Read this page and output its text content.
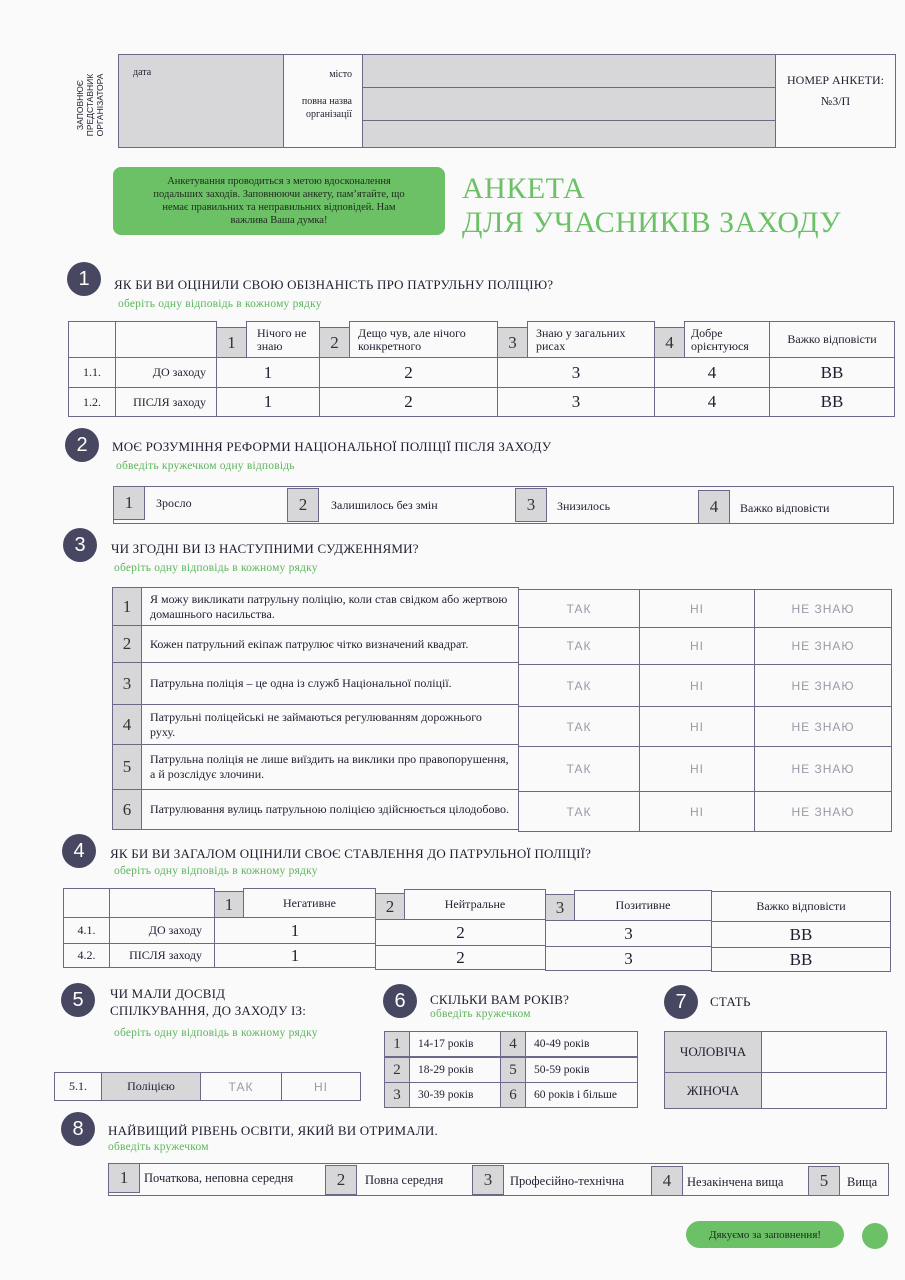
ЗАПОВНЮЄ ПРЕДСТАВНИК ОРГАНІЗАТОРА
дата	місто
повна назва організації
НОМЕР АНКЕТИ:
№3/П
Анкетування проводиться з метою вдосконалення подальших заходів. Заповнюючи анкету, пам’ятайте, що немає правильних та неправильних відповідей. Нам важлива Ваша думка!
АНКЕТА
ДЛЯ УЧАСНИКІВ ЗАХОДУ
1	ЯК БИ ВИ ОЦІНИЛИ СВОЮ ОБІЗНАНІСТЬ ПРО ПАТРУЛЬНУ ПОЛІЦІЮ?
оберіть одну відповідь в кожному рядку
1	Нічого не знаю	2	Дещо чув, але нічого конкретного	3	Знаю у загальних рисах	4	Добре орієнтуюся	Важко відповісти
1.1.	ДО заходу	1	2	3	4	ВВ
1.2.	ПІСЛЯ заходу	1	2	3	4	ВВ
2	МОЄ РОЗУМІННЯ РЕФОРМИ НАЦІОНАЛЬНОЇ ПОЛІЦІЇ ПІСЛЯ ЗАХОДУ
обведіть кружечком одну відповідь
1	Зросло	2	Залишилось без змін	3	Знизилось	4	Важко відповісти
3	ЧИ ЗГОДНІ ВИ ІЗ НАСТУПНИМИ СУДЖЕННЯМИ?
оберіть одну відповідь в кожному рядку
1	Я можу викликати патрульну поліцію, коли став свідком або жертвою домашнього насильства.	ТАК	НІ	НЕ ЗНАЮ
2	Кожен патрульний екіпаж патрулює чітко визначений квадрат.	ТАК	НІ	НЕ ЗНАЮ
3	Патрульна поліція – це одна із служб Національної поліції.	ТАК	НІ	НЕ ЗНАЮ
4	Патрульні поліцейські не займаються регулюванням дорожнього руху.	ТАК	НІ	НЕ ЗНАЮ
5	Патрульна поліція не лише виїздить на виклики про правопорушення, а й розслідує злочини.	ТАК	НІ	НЕ ЗНАЮ
6	Патрулювання вулиць патрульною поліцією здійснюється цілодобово.	ТАК	НІ	НЕ ЗНАЮ
4	ЯК БИ ВИ ЗАГАЛОМ ОЦІНИЛИ СВОЄ СТАВЛЕННЯ ДО ПАТРУЛЬНОЇ ПОЛІЦІЇ?
оберіть одну відповідь в кожному рядку
1	Негативне	2	Нейтральне	3	Позитивне	Важко відповісти
4.1.	ДО заходу	1	2	3	ВВ
4.2.	ПІСЛЯ заходу	1	2	3	ВВ
5	ЧИ МАЛИ ДОСВІД
СПІЛКУВАННЯ, ДО ЗАХОДУ ІЗ:
оберіть одну відповідь в кожному рядку
5.1.	Поліцією	ТАК	НІ
6	СКІЛЬКИ ВАМ РОКІВ?
обведіть кружечком
1	14-17 років	4	40-49 років
2	18-29 років	5	50-59 років
3	30-39 років	6	60 років і більше
7	СТАТЬ
ЧОЛОВІЧА
ЖІНОЧА
8	НАЙВИЩИЙ РІВЕНЬ ОСВІТИ, ЯКИЙ ВИ ОТРИМАЛИ.
обведіть кружечком
1	Початкова, неповна середня	2	Повна середня	3	Професійно-технічна	4	Незакінчена вища	5	Вища
Дякуємо за заповнення!
